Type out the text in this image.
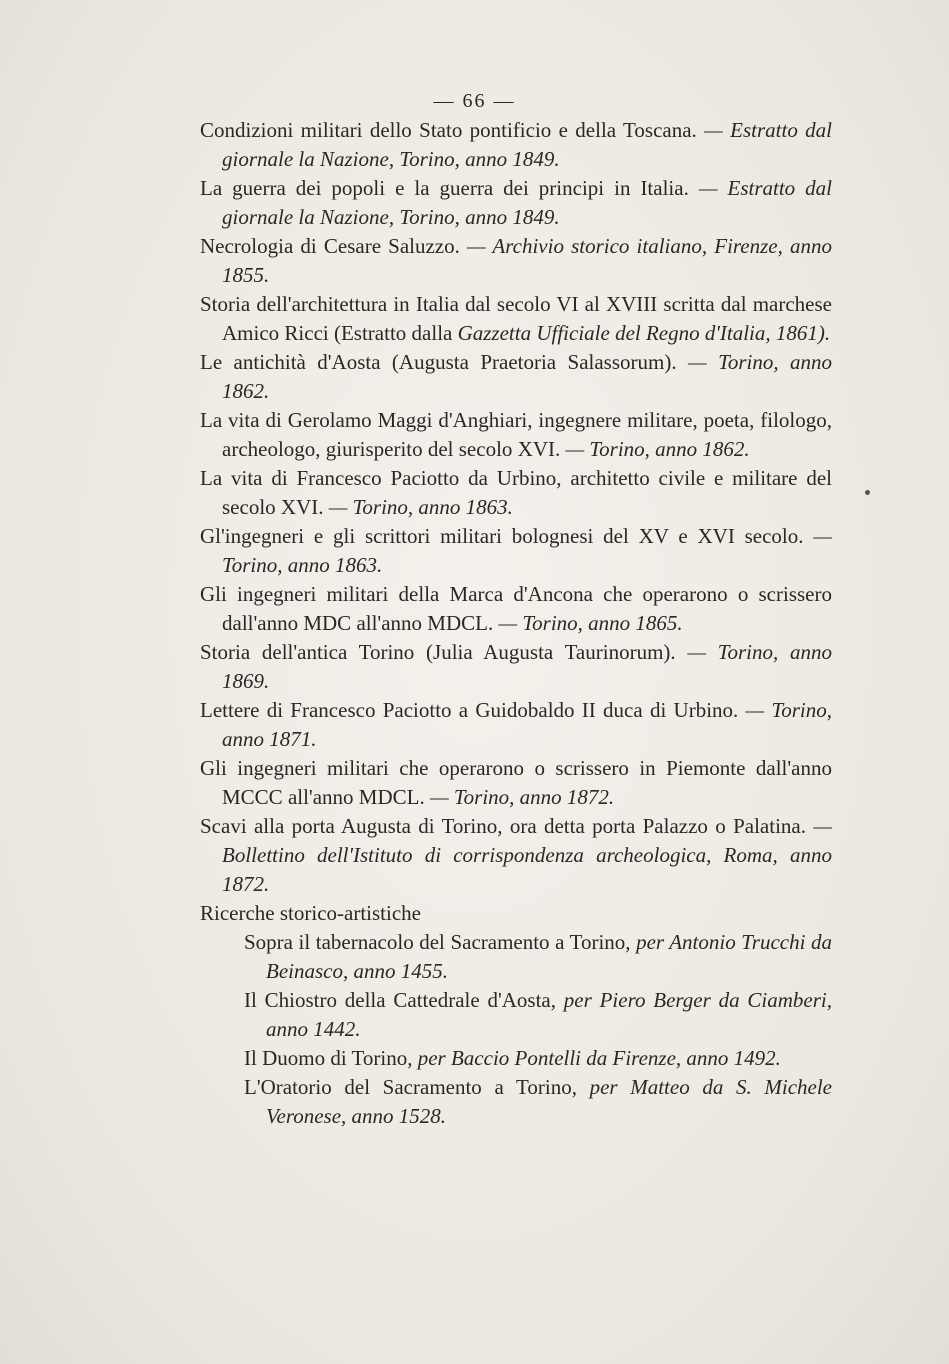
— 66 —

Condizioni militari dello Stato pontificio e della Toscana. — Estratto dal giornale la Nazione, Torino, anno 1849.

La guerra dei popoli e la guerra dei principi in Italia. — Estratto dal giornale la Nazione, Torino, anno 1849.

Necrologia di Cesare Saluzzo. — Archivio storico italiano, Firenze, anno 1855.

Storia dell'architettura in Italia dal secolo VI al XVIII scritta dal marchese Amico Ricci (Estratto dalla Gazzetta Ufficiale del Regno d'Italia, 1861).

Le antichità d'Aosta (Augusta Praetoria Salassorum). — Torino, anno 1862.

La vita di Gerolamo Maggi d'Anghiari, ingegnere militare, poeta, filologo, archeologo, giurisperito del secolo XVI. — Torino, anno 1862.

La vita di Francesco Paciotto da Urbino, architetto civile e militare del secolo XVI. — Torino, anno 1863.

Gl'ingegneri e gli scrittori militari bolognesi del XV e XVI secolo. — Torino, anno 1863.

Gli ingegneri militari della Marca d'Ancona che operarono o scrissero dall'anno MDC all'anno MDCL. — Torino, anno 1865.

Storia dell'antica Torino (Julia Augusta Taurinorum). — Torino, anno 1869.

Lettere di Francesco Paciotto a Guidobaldo II duca di Urbino. — Torino, anno 1871.

Gli ingegneri militari che operarono o scrissero in Piemonte dall'anno MCCC all'anno MDCL. — Torino, anno 1872.

Scavi alla porta Augusta di Torino, ora detta porta Palazzo o Palatina. — Bollettino dell'Istituto di corrispondenza archeologica, Roma, anno 1872.

Ricerche storico-artistiche

Sopra il tabernacolo del Sacramento a Torino, per Antonio Trucchi da Beinasco, anno 1455.

Il Chiostro della Cattedrale d'Aosta, per Piero Berger da Ciamberi, anno 1442.

Il Duomo di Torino, per Baccio Pontelli da Firenze, anno 1492.

L'Oratorio del Sacramento a Torino, per Matteo da S. Michele Veronese, anno 1528.
